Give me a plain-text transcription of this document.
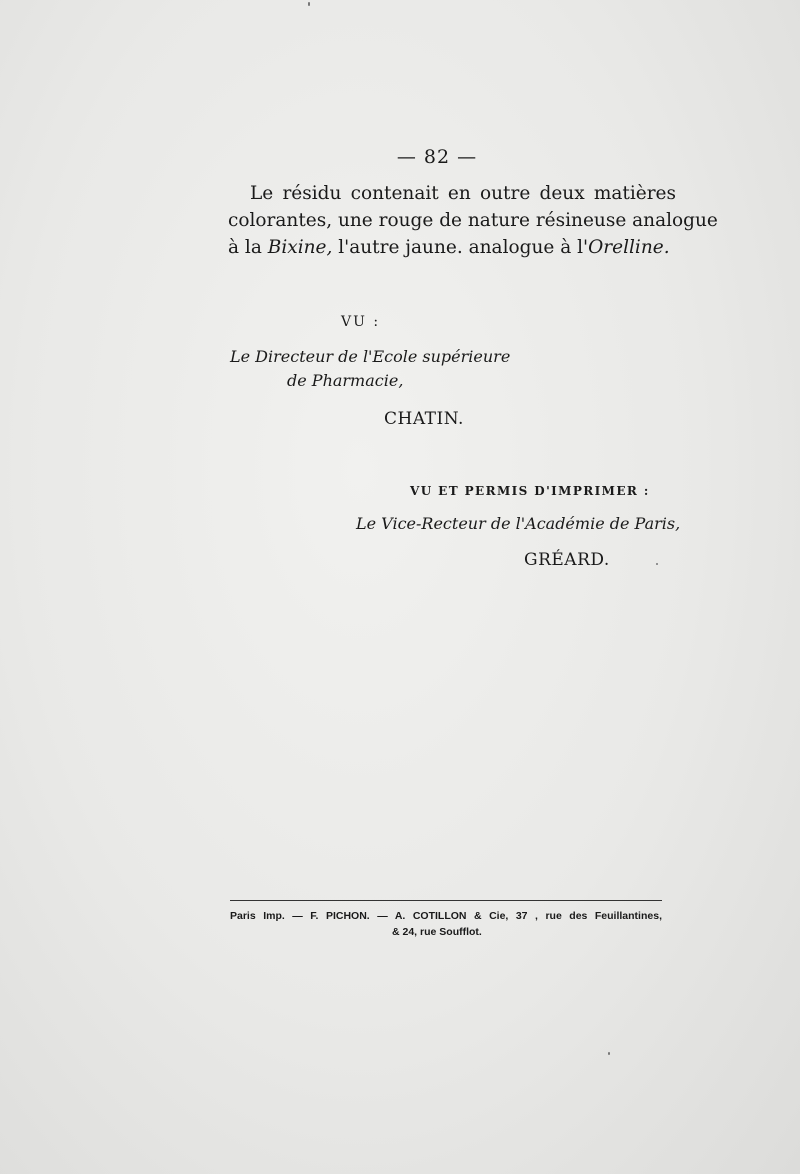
— 82 —
Le résidu contenait en outre deux matières
colorantes, une rouge de nature résineuse analogue
à la Bixine, l'autre jaune. analogue à l'Orelline.
VU :
Le Directeur de l'Ecole supérieure
de Pharmacie,
CHATIN.
VU ET PERMIS D'IMPRIMER :
Le Vice-Recteur de l'Académie de Paris,
GRÉARD.
Paris Imp. — F. PICHON. — A. COTILLON & Cie, 37 , rue des Feuillantines,
& 24, rue Soufflot.
